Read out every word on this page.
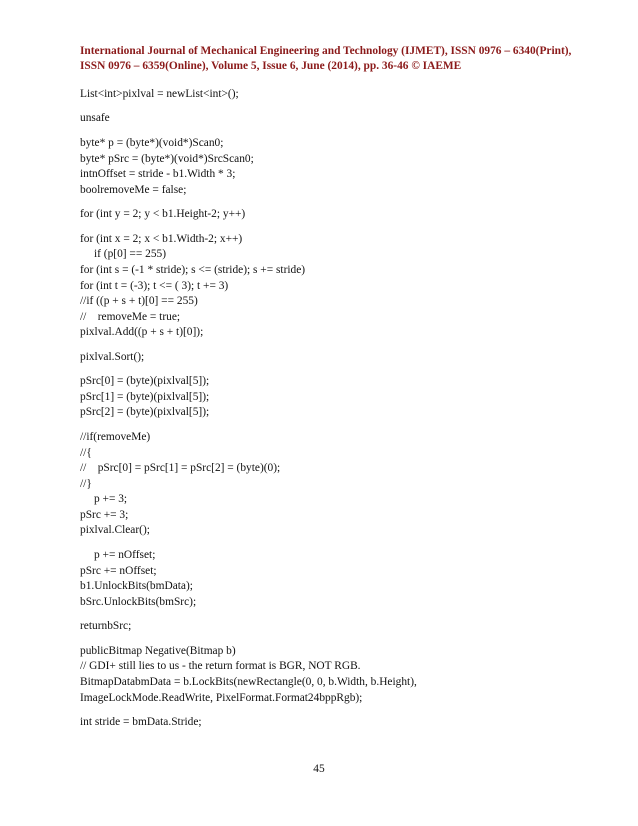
International Journal of Mechanical Engineering and Technology (IJMET), ISSN 0976 – 6340(Print),
ISSN 0976 – 6359(Online), Volume 5, Issue 6, June (2014), pp. 36-46 © IAEME
List<int>pixlval = newList<int>();
unsafe
byte* p = (byte*)(void*)Scan0;
byte* pSrc = (byte*)(void*)SrcScan0;
intnOffset = stride - b1.Width * 3;
boolremoveMe = false;
for (int y = 2; y < b1.Height-2; y++)
for (int x = 2; x < b1.Width-2; x++)
if (p[0] == 255)
for (int s = (-1 * stride); s <= (stride); s += stride)
for (int t = (-3); t <= ( 3); t += 3)
//if ((p + s + t)[0] == 255)
//    removeMe = true;
pixlval.Add((p + s + t)[0]);
pixlval.Sort();
pSrc[0] = (byte)(pixlval[5]);
pSrc[1] = (byte)(pixlval[5]);
pSrc[2] = (byte)(pixlval[5]);
//if(removeMe)
//{
//    pSrc[0] = pSrc[1] = pSrc[2] = (byte)(0);
//}
p += 3;
pSrc += 3;
pixlval.Clear();
p += nOffset;
pSrc += nOffset;
b1.UnlockBits(bmData);
bSrc.UnlockBits(bmSrc);
returnbSrc;
publicBitmap Negative(Bitmap b)
// GDI+ still lies to us - the return format is BGR, NOT RGB.
BitmapDatabmData = b.LockBits(newRectangle(0, 0, b.Width, b.Height),
ImageLockMode.ReadWrite, PixelFormat.Format24bppRgb);
int stride = bmData.Stride;
45
